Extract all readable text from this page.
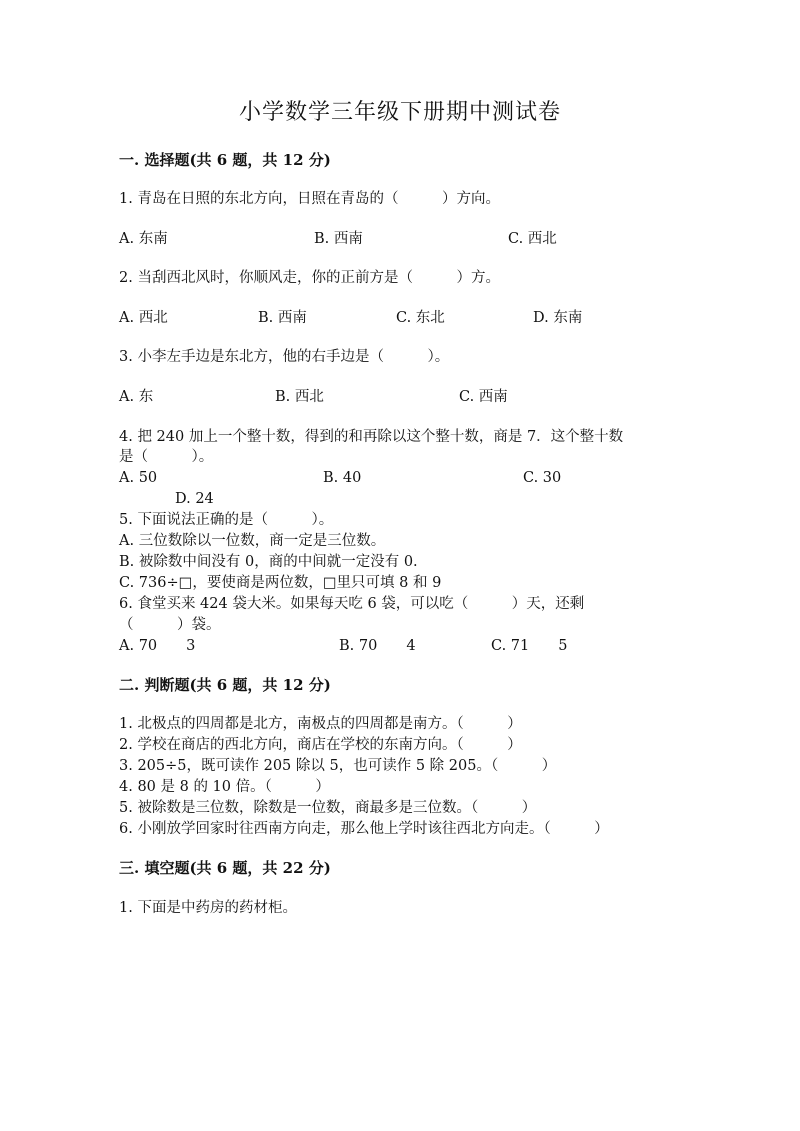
小学数学三年级下册期中测试卷
一. 选择题(共 6 题，共 12 分)
1. 青岛在日照的东北方向，日照在青岛的（　　　）方向。
A. 东南	B. 西南	C. 西北
2. 当刮西北风时，你顺风走，你的正前方是（　　　）方。
A. 西北	B. 西南	C. 东北	D. 东南
3. 小李左手边是东北方，他的右手边是（　　　）。
A. 东	B. 西北	C. 西南
4. 把 240 加上一个整十数，得到的和再除以这个整十数，商是 7．这个整十数
是（　　　）。
A. 50	B. 40	C. 30
D. 24
5. 下面说法正确的是（　　　）。
A. 三位数除以一位数，商一定是三位数。
B. 被除数中间没有 0，商的中间就一定没有 0.
C. 736÷□，要使商是两位数，□里只可填 8 和 9
6. 食堂买来 424 袋大米。如果每天吃 6 袋，可以吃（　　　）天，还剩
（　　　）袋。
A. 70　　3	B. 70　　4	C. 71　　5
二. 判断题(共 6 题，共 12 分)
1. 北极点的四周都是北方，南极点的四周都是南方。（　　　）
2. 学校在商店的西北方向，商店在学校的东南方向。（　　　）
3. 205÷5，既可读作 205 除以 5，也可读作 5 除 205。（　　　）
4. 80 是 8 的 10 倍。（　　　）
5. 被除数是三位数，除数是一位数，商最多是三位数。（　　　）
6. 小刚放学回家时往西南方向走，那么他上学时该往西北方向走。（　　　）
三. 填空题(共 6 题，共 22 分)
1. 下面是中药房的药材柜。
